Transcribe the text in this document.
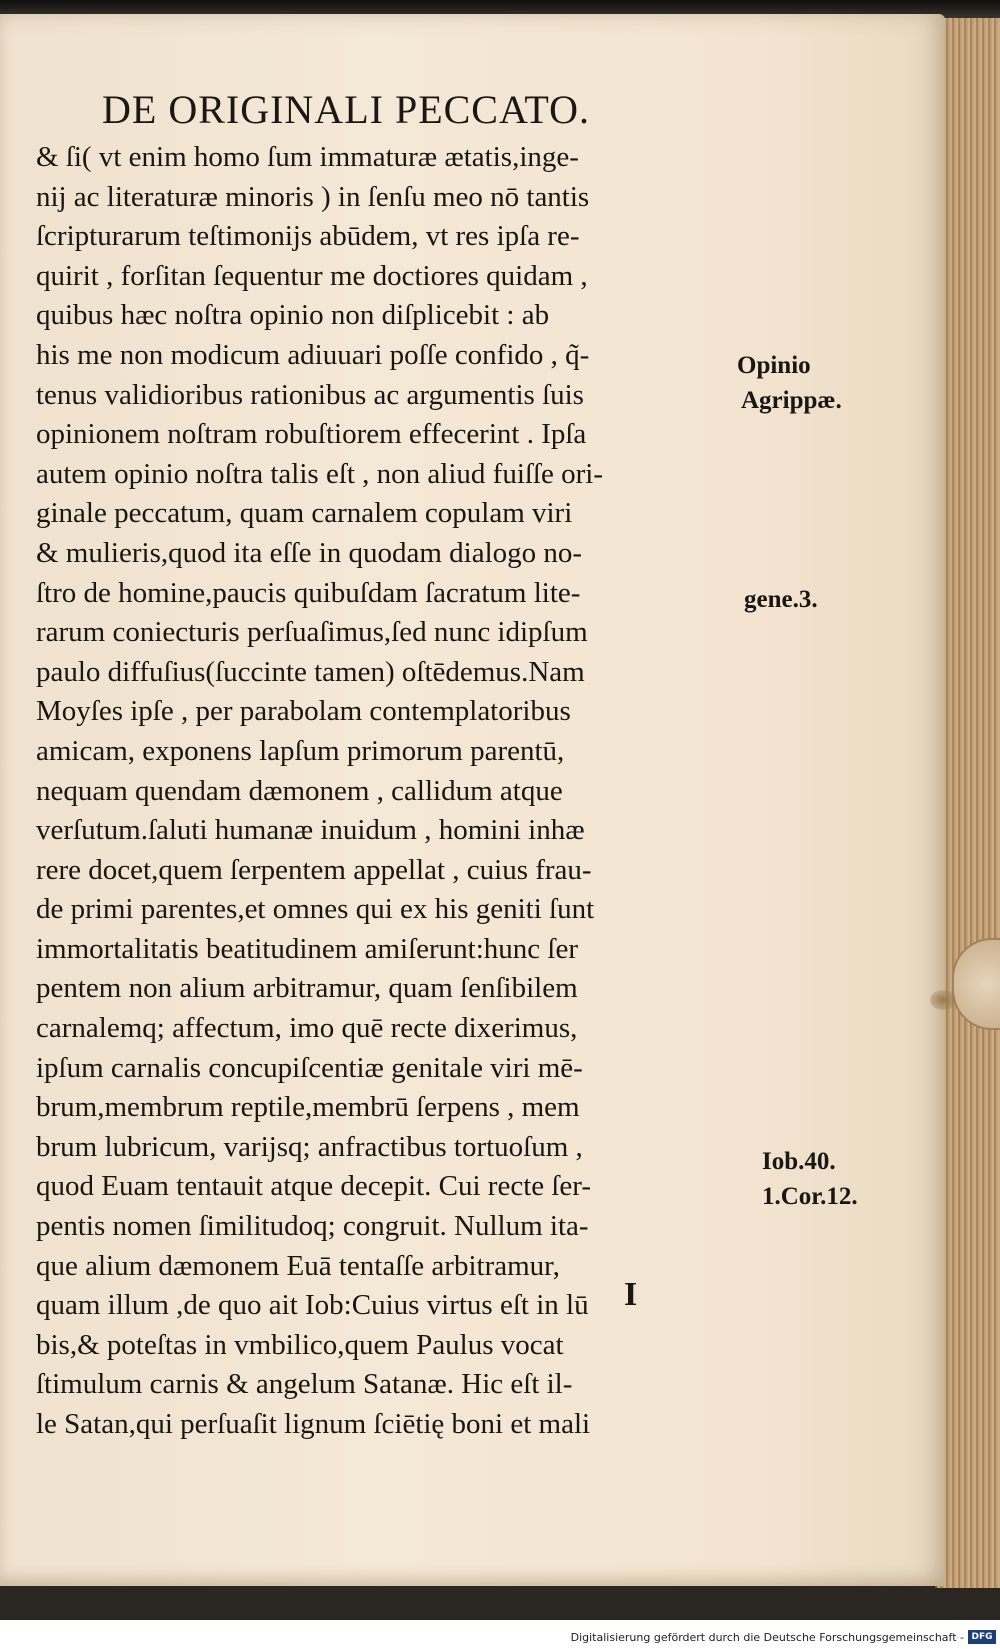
DE ORIGINALI PECCATO.
& ſi( vt enim homo ſum immaturæ ætatis,inge-
nĳ ac literaturæ minoris ) in ſenſu meo nō tantis
ſcripturarum teſtimonĳs abūdem, vt res ipſa re-
quirit , forſitan ſequentur me doctiores quidam ,
quibus hæc noſtra opinio non diſplicebit : ab
his me non modicum adiuuari poſſe confido , q̃-
tenus validioribus rationibus ac argumentis ſuis
opinionem noſtram robuſtiorem effecerint . Ipſa
autem opinio noſtra talis eſt , non aliud fuiſſe ori-
ginale peccatum, quam carnalem copulam viri
& mulieris,quod ita eſſe in quodam dialogo no-
ſtro de homine,paucis quibuſdam ſacratum lite-
rarum coniecturis perſuaſimus,ſed nunc idipſum
paulo diffuſius(ſuccinte tamen) oſtēdemus.Nam
Moyſes ipſe , per parabolam contemplatoribus
amicam, exponens lapſum primorum parentū,
nequam quendam dæmonem , callidum atque
verſutum.ſaluti humanæ inuidum , homini inhæ
rere docet,quem ſerpentem appellat , cuius frau-
de primi parentes,et omnes qui ex his geniti ſunt
immortalitatis beatitudinem amiſerunt:hunc ſer
pentem non alium arbitramur, quam ſenſibilem
carnalemq; affectum, imo quē recte dixerimus,
ipſum carnalis concupiſcentiæ genitale viri mē-
brum,membrum reptile,membrū ſerpens , mem
brum lubricum, varĳsq; anfractibus tortuoſum ,
quod Euam tentauit atque decepit. Cui recte ſer-
pentis nomen ſimilitudoq; congruit. Nullum ita-
que alium dæmonem Euā tentaſſe arbitramur,
quam illum ,de quo ait Iob:Cuius virtus eſt in lū
bis,& poteſtas in vmbilico,quem Paulus vocat
ſtimulum carnis & angelum Satanæ. Hic eſt il-
le Satan,qui perſuaſit lignum ſciētię boni et mali
Opinio
Agrippæ.
gene.3.
Iob.40.
1.Cor.12.
I
Digitalisierung gefördert durch die Deutsche Forschungsgemeinschaft - DFG
